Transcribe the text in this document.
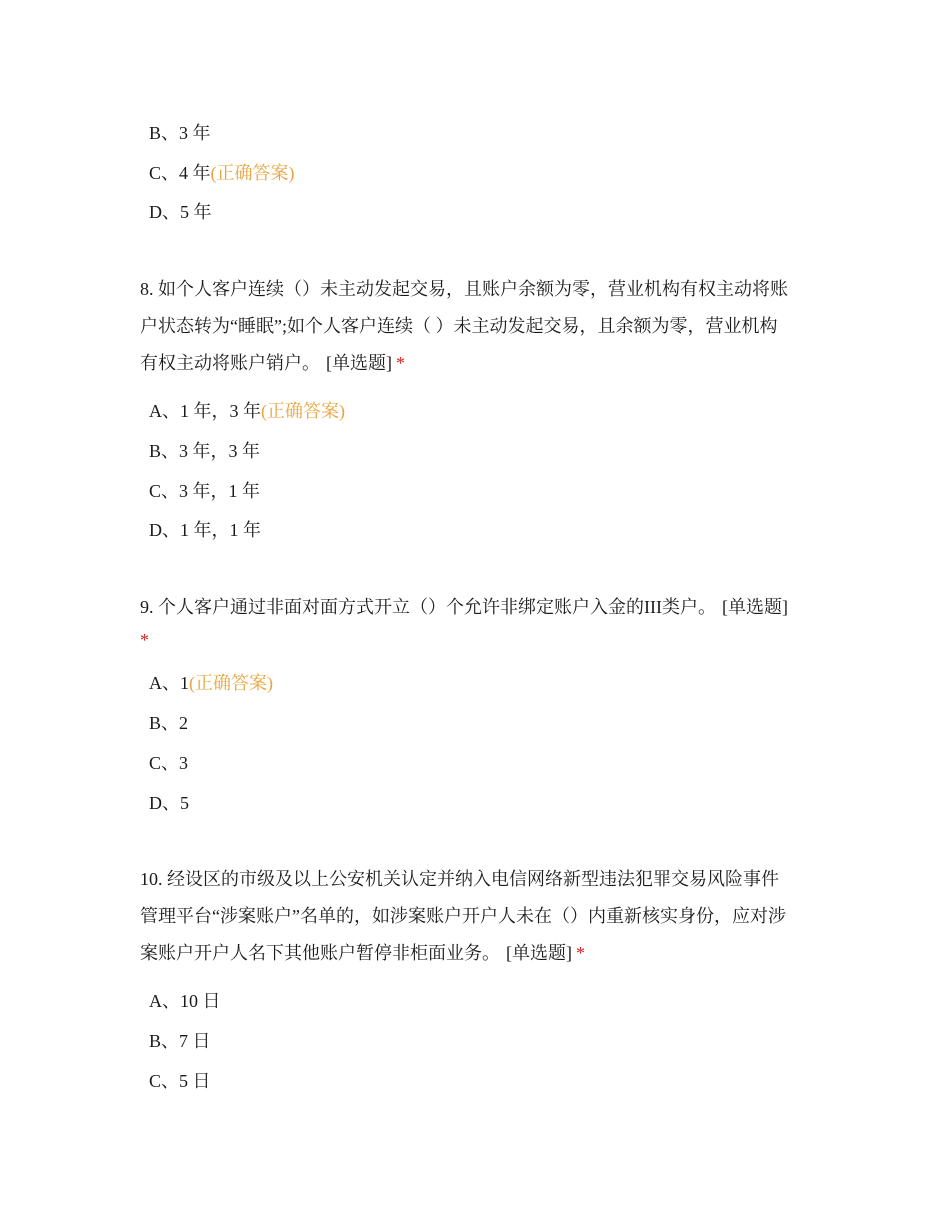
B、3 年
C、4 年(正确答案)
D、5 年
8. 如个人客户连续（）未主动发起交易，且账户余额为零，营业机构有权主动将账
户状态转为“睡眠”;如个人客户连续（ ）未主动发起交易，且余额为零，营业机构
有权主动将账户销户。 [单选题] *
A、1 年，3 年(正确答案)
B、3 年，3 年
C、3 年，1 年
D、1 年，1 年
9. 个人客户通过非面对面方式开立（）个允许非绑定账户入金的III类户。 [单选题]
*
A、1(正确答案)
B、2
C、3
D、5
10. 经设区的市级及以上公安机关认定并纳入电信网络新型违法犯罪交易风险事件
管理平台“涉案账户”名单的，如涉案账户开户人未在（）内重新核实身份，应对涉
案账户开户人名下其他账户暂停非柜面业务。 [单选题] *
A、10 日
B、7 日
C、5 日
